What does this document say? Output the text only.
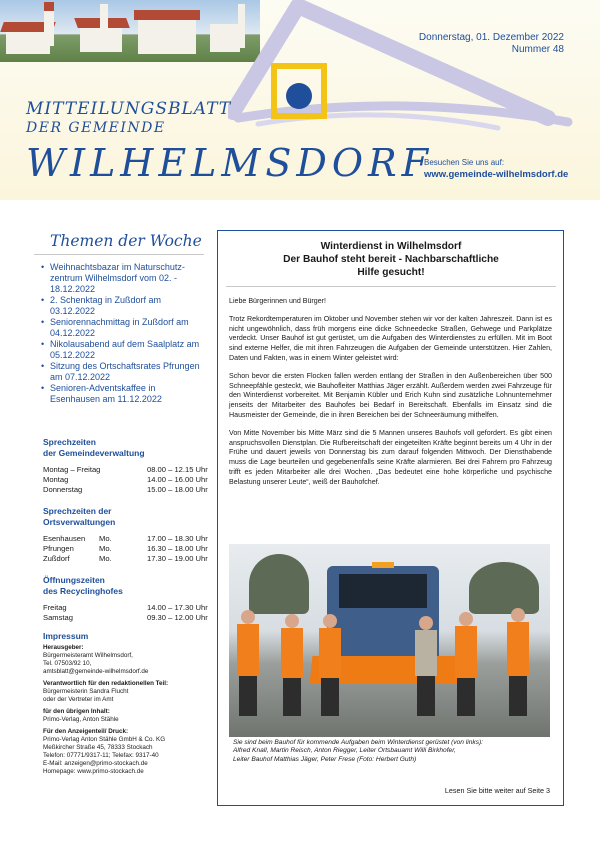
Donnerstag, 01. Dezember 2022
Nummer 48
MITTEILUNGSBLATT
DER GEMEINDE
WILHELMSDORF
Besuchen Sie uns auf:
www.gemeinde-wilhelmsdorf.de
Themen der Woche
• Weihnachtsbazar im Naturschutz-zentrum Wilhelmsdorf vom 02. - 18.12.2022
• 2. Schenktag in Zußdorf am 03.12.2022
• Seniorennachmittag in Zußdorf am 04.12.2022
• Nikolausabend auf dem Saalplatz am 05.12.2022
• Sitzung des Ortschaftsrates Pfrungen am 07.12.2022
• Senioren-Adventskaffee in Esenhausen am 11.12.2022
Sprechzeiten
der Gemeindeverwaltung
Montag – Freitag	08.00 – 12.15 Uhr
Montag	14.00 – 16.00 Uhr
Donnerstag	15.00 – 18.00 Uhr
Sprechzeiten der
Ortsverwaltungen
Esenhausen	Mo.	17.00 – 18.30 Uhr
Pfrungen	Mo.	16.30 – 18.00 Uhr
Zußdorf	Mo.	17.30 – 19.00 Uhr
Öffnungszeiten
des Recyclinghofes
Freitag	14.00 – 17.30 Uhr
Samstag	09.30 – 12.00 Uhr
Impressum
Herausgeber:
Bürgermeisteramt Wilhelmsdorf,
Tel. 07503/92 10,
amtsblatt@gemeinde-wilhelmsdorf.de
Verantwortlich für den redaktionellen Teil:
Bürgermeisterin Sandra Flucht
oder der Vertreter im Amt
für den übrigen Inhalt:
Primo-Verlag, Anton Stähle
Für den Anzeigenteil/ Druck:
Primo-Verlag Anton Stähle GmbH & Co. KG
Meßkircher Straße 45, 78333 Stockach
Telefon: 07771/9317-11; Telefax: 9317-40
E-Mail: anzeigen@primo-stockach.de
Homepage: www.primo-stockach.de
Winterdienst in Wilhelmsdorf
Der Bauhof steht bereit - Nachbarschaftliche
Hilfe gesucht!

Liebe Bürgerinnen und Bürger!

Trotz Rekordtemperaturen im Oktober und November stehen wir vor der kalten Jahreszeit. Dann ist es nicht ungewöhnlich, dass früh morgens eine dicke Schneedecke Straßen, Gehwege und Parkplätze verdeckt. Unser Bauhof ist gut gerüstet, um die Aufgaben des Winterdienstes zu erfüllen. Mit im Boot sind externe Helfer, die mit ihren Fahrzeugen die Aufgaben der Gemeinde unterstützen. Hier Zahlen, Daten und Fakten, was in einem Winter geleistet wird:

Schon bevor die ersten Flocken fallen werden entlang der Straßen in den Außenbereichen über 500 Schneepfähle gesteckt, wie Bauhofleiter Matthias Jäger erzählt. Außerdem werden zwei Fahrzeuge für den Winterdienst vorbereitet. Mit Benjamin Kübler und Erich Kuhn sind zusätzliche Lohnunternehmer jenseits der Mitarbeiter des Bauhofes bei Bedarf in Bereitschaft. Ebenfalls im Einsatz sind die Hausmeister der Gemeinde, die in ihren Bereichen bei der Schneeräumung mithelfen.

Von Mitte November bis Mitte März sind die 5 Mannen unseres Bauhofs voll gefordert. Es gibt einen anspruchsvollen Dienstplan. Die Rufbereitschaft der eingeteilten Kräfte beginnt bereits um 4 Uhr in der Frühe und dauert jeweils von Donnerstag bis zum darauf folgenden Mittwoch. Der Diensthabende muss die Lage beurteilen und gegebenenfalls seine Kräfte alarmieren. Bei drei Fahrern pro Fahrzeug trifft es jeden Mitarbeiter alle drei Wochen. „Das bedeutet eine hohe körperliche und psychische Belastung unserer Leute“, weiß der Bauhofchef.

Sie sind beim Bauhof für kommende Aufgaben beim Winterdienst gerüstet (von links):
Alfred Knall, Martin Reisch, Anton Riegger, Leiter Ortsbauamt Willi Birkhofer,
Leiter Bauhof Matthias Jäger, Peter Frese (Foto: Herbert Guth)
Lesen Sie bitte weiter auf Seite 3
